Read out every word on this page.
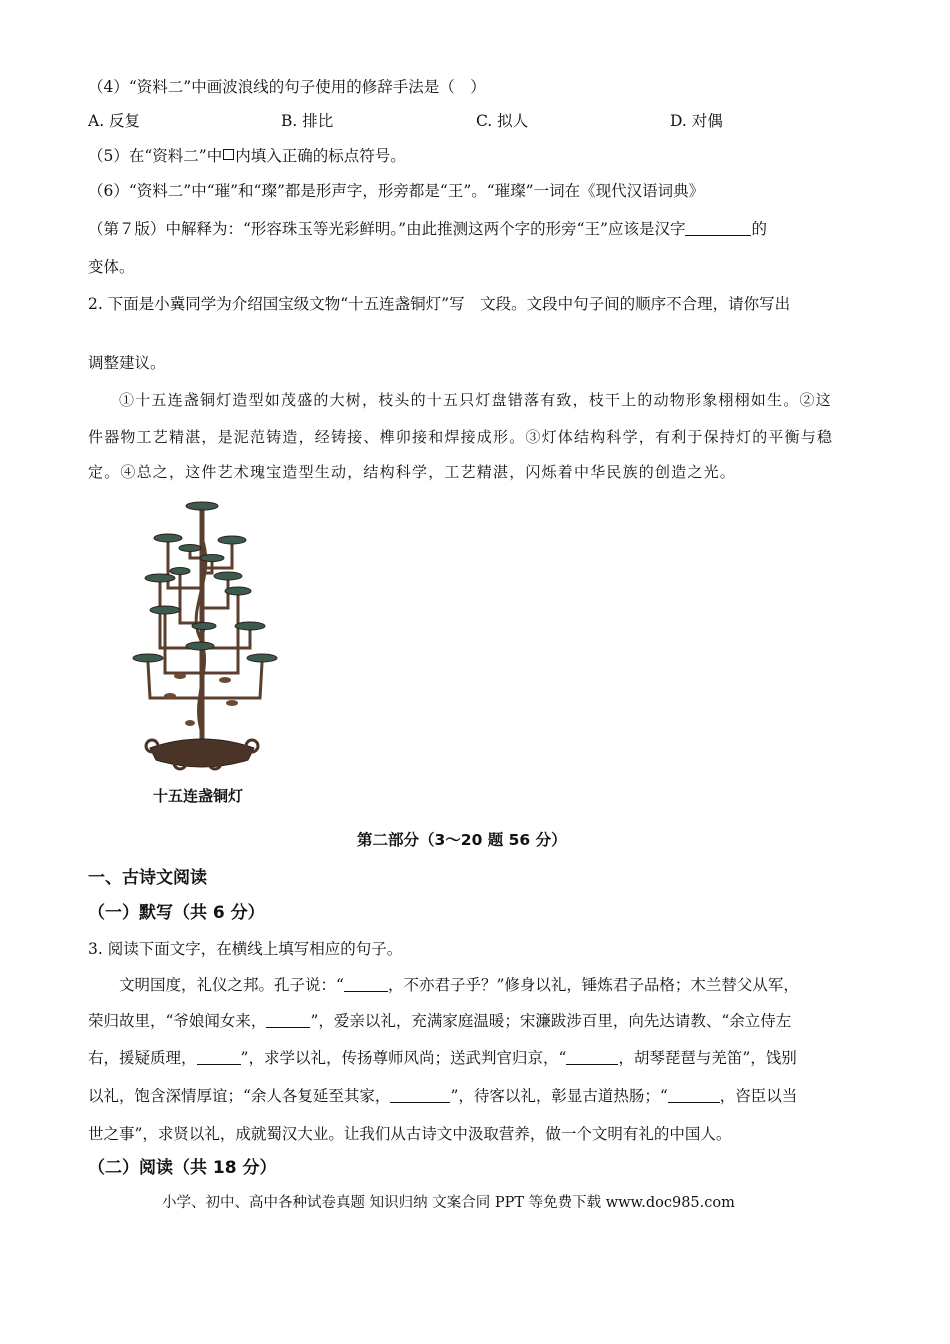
（4）“资料二”中画波浪线的句子使用的修辞手法是（　）
A. 反复	B. 排比	C. 拟人	D. 对偶
（5）在“资料二”中 内填入正确的标点符号。
（6）“资料二”中“璀”和“璨”都是形声字，形旁都是“王”。“璀璨”一词在《现代汉语词典》
（第７版）中解释为：“形容珠玉等光彩鲜明。”由此推测这两个字的形旁“王”应该是汉字	的
变体。
2. 下面是小冀同学为介绍国宝级文物“十五连盏铜灯”写　文段。文段中句子间的顺序不合理，请你写出
调整建议。
①十五连盏铜灯造型如茂盛的大树，枝头的十五只灯盘错落有致，枝干上的动物形象栩栩如生。②这
件器物工艺精湛，是泥范铸造，经铸接、榫卯接和焊接成形。③灯体结构科学，有利于保持灯的平衡与稳
定。④总之，这件艺术瑰宝造型生动，结构科学，工艺精湛，闪烁着中华民族的创造之光。
十五连盏铜灯
第二部分（3～20 题 56 分）
一、古诗文阅读
（一）默写（共 6 分）
3. 阅读下面文字，在横线上填写相应的句子。
文明国度，礼仪之邦。孔子说：“	，不亦君子乎？”修身以礼，锤炼君子品格；木兰替父从军，
荣归故里，“爷娘闻女来，	”，爱亲以礼，充满家庭温暖；宋濂跋涉百里，向先达请教、“余立侍左
右，援疑质理，	”，求学以礼，传扬尊师风尚；送武判官归京，“	，胡琴琵琶与羌笛”，饯别
以礼，饱含深情厚谊；“余人各复延至其家，	”，待客以礼，彰显古道热肠；“	，咨臣以当
世之事”，求贤以礼，成就蜀汉大业。让我们从古诗文中汲取营养，做一个文明有礼的中国人。
（二）阅读（共 18 分）
小学、初中、高中各种试卷真题 知识归纳 文案合同 PPT 等免费下载 www.doc985.com
